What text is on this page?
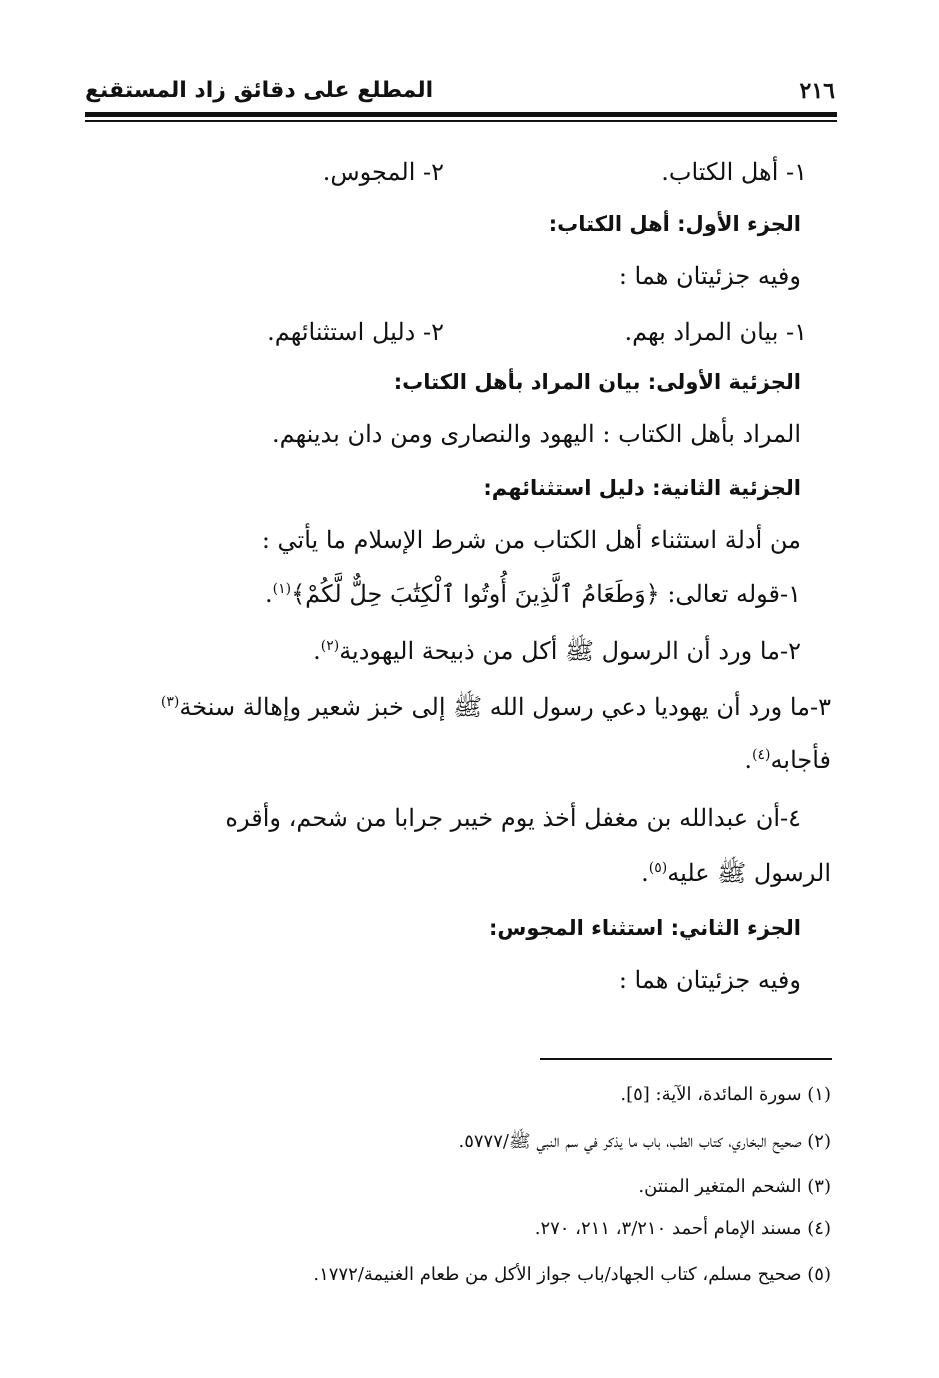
٢١٦
المطلع على دقائق زاد المستقنع
١- أهل الكتاب.
٢- المجوس.
الجزء الأول: أهل الكتاب:
وفيه جزئيتان هما :
١- بيان المراد بهم.
٢- دليل استثنائهم.
الجزئية الأولى: بيان المراد بأهل الكتاب:
المراد بأهل الكتاب : اليهود والنصارى ومن دان بدينهم.
الجزئية الثانية: دليل استثنائهم:
من أدلة استثناء أهل الكتاب من شرط الإسلام ما يأتي :
١-قوله تعالى: ﴿وَطَعَامُ ٱلَّذِينَ أُوتُوا ٱلْكِتَٰبَ حِلٌّ لَّكُمْ﴾$^{(١)}$.
٢-ما ورد أن الرسول ﷺ أكل من ذبيحة اليهودية$^{(٢)}$.
٣-ما ورد أن يهوديا دعي رسول الله ﷺ إلى خبز شعير وإهالة سنخة$^{(٣)}$
فأجابه$^{(٤)}$.
٤-أن عبدالله بن مغفل أخذ يوم خيبر جرابا من شحم، وأقره
الرسول ﷺ عليه$^{(٥)}$.
الجزء الثاني: استثناء المجوس:
وفيه جزئيتان هما :
(١) سورة المائدة، الآية: [٥].
(٢) صحيح البخاري، كتاب الطب، باب ما يذكر في سم النبي ﷺ/٥٧٧٧.
(٣) الشحم المتغير المنتن.
(٤) مسند الإمام أحمد ٣/٢١٠، ٢١١، ٢٧٠.
(٥) صحيح مسلم، كتاب الجهاد/باب جواز الأكل من طعام الغنيمة/١٧٧٢.
